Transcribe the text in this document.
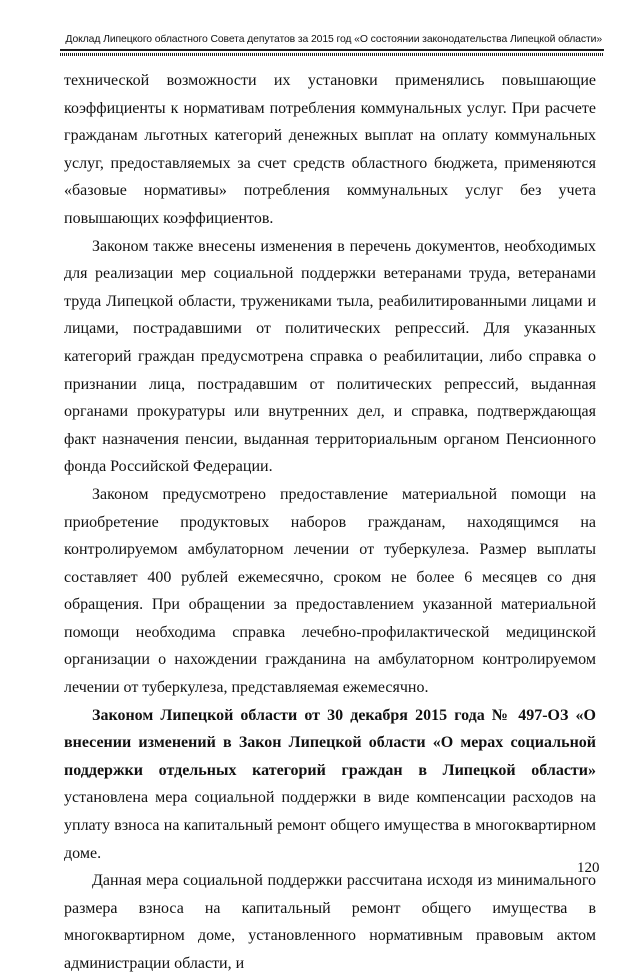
Доклад Липецкого областного Совета депутатов за 2015 год «О состоянии законодательства Липецкой области»

технической возможности их установки применялись повышающие коэффициенты к нормативам потребления коммунальных услуг. При расчете гражданам льготных категорий денежных выплат на оплату коммунальных услуг, предоставляемых за счет средств областного бюджета, применяются «базовые нормативы» потребления коммунальных услуг без учета повышающих коэффициентов.

Законом также внесены изменения в перечень документов, необходимых для реализации мер социальной поддержки ветеранами труда, ветеранами труда Липецкой области, тружениками тыла, реабилитированными лицами и лицами, пострадавшими от политических репрессий. Для указанных категорий граждан предусмотрена справка о реабилитации, либо справка о признании лица, пострадавшим от политических репрессий, выданная органами прокуратуры или внутренних дел, и справка, подтверждающая факт назначения пенсии, выданная территориальным органом Пенсионного фонда Российской Федерации.

Законом предусмотрено предоставление материальной помощи на приобретение продуктовых наборов гражданам, находящимся на контролируемом амбулаторном лечении от туберкулеза. Размер выплаты составляет 400 рублей ежемесячно, сроком не более 6 месяцев со дня обращения. При обращении за предоставлением указанной материальной помощи необходима справка лечебно-профилактической медицинской организации о нахождении гражданина на амбулаторном контролируемом лечении от туберкулеза, представляемая ежемесячно.

Законом Липецкой области от 30 декабря 2015 года № 497-ОЗ «О внесении изменений в Закон Липецкой области «О мерах социальной поддержки отдельных категорий граждан в Липецкой области» установлена мера социальной поддержки в виде компенсации расходов на уплату взноса на капитальный ремонт общего имущества в многоквартирном доме.

Данная мера социальной поддержки рассчитана исходя из минимального размера взноса на капитальный ремонт общего имущества в многоквартирном доме, установленного нормативным правовым актом администрации области, и

120
